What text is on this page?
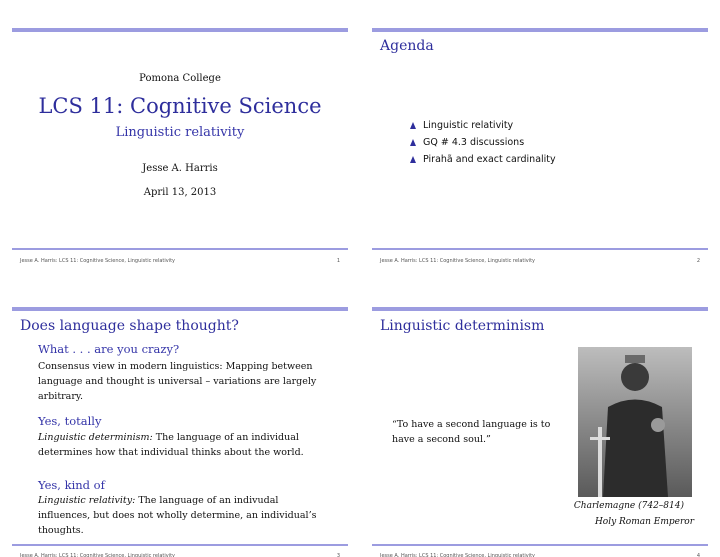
Pomona College
LCS 11: Cognitive Science
Linguistic relativity
Jesse A. Harris
April 13, 2013
Jesse A. Harris: LCS 11: Cognitive Science, Linguistic relativity	1
Agenda
Linguistic relativity
GQ # 4.3 discussions
Pirahã and exact cardinality
Jesse A. Harris: LCS 11: Cognitive Science, Linguistic relativity	2
Does language shape thought?
What . . . are you crazy?
Consensus view in modern linguistics: Mapping between language and thought is universal – variations are largely arbitrary.
Yes, totally
Linguistic determinism: The language of an individual determines how that individual thinks about the world.
Yes, kind of
Linguistic relativity: The language of an indivudal influences, but does not wholly determine, an individual’s thoughts.
Jesse A. Harris: LCS 11: Cognitive Science, Linguistic relativity	3
Linguistic determinism
“To have a second language is to have a second soul.”
Charlemagne (742–814)
Holy Roman Emperor
Jesse A. Harris: LCS 11: Cognitive Science, Linguistic relativity	4
